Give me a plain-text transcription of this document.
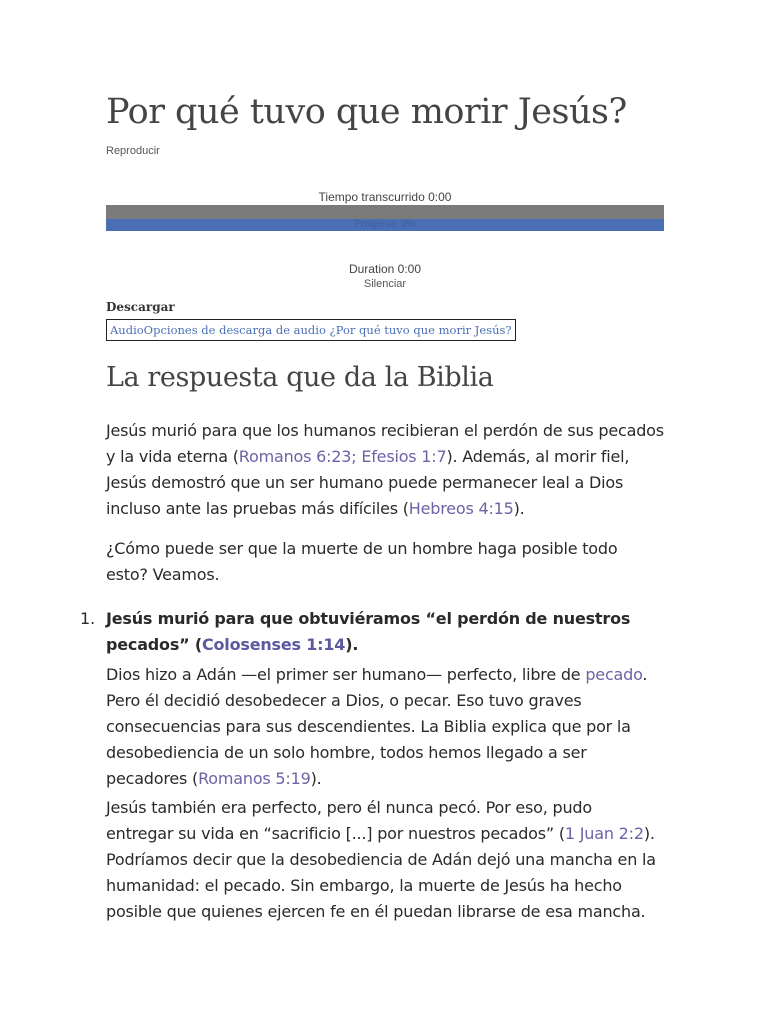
Por qué tuvo que morir Jesús?
Reproducir
Tiempo transcurrido 0:00
Progreso: 0%
Duration 0:00
Silenciar
Descargar
AudioOpciones de descarga de audio ¿Por qué tuvo que morir Jesús?
La respuesta que da la Biblia

Jesús murió para que los humanos recibieran el perdón de sus pecados y la vida eterna (Romanos 6:23; Efesios 1:7). Además, al morir fiel, Jesús demostró que un ser humano puede permanecer leal a Dios incluso ante las pruebas más difíciles (Hebreos 4:15).

¿Cómo puede ser que la muerte de un hombre haga posible todo esto? Veamos.

1. Jesús murió para que obtuviéramos “el perdón de nuestros pecados” (Colosenses 1:14).

Dios hizo a Adán —el primer ser humano— perfecto, libre de pecado. Pero él decidió desobedecer a Dios, o pecar. Eso tuvo graves consecuencias para sus descendientes. La Biblia explica que por la desobediencia de un solo hombre, todos hemos llegado a ser pecadores (Romanos 5:19).

Jesús también era perfecto, pero él nunca pecó. Por eso, pudo entregar su vida en “sacrificio [...] por nuestros pecados” (1 Juan 2:2). Podríamos decir que la desobediencia de Adán dejó una mancha en la humanidad: el pecado. Sin embargo, la muerte de Jesús ha hecho posible que quienes ejercen fe en él puedan librarse de esa mancha.
